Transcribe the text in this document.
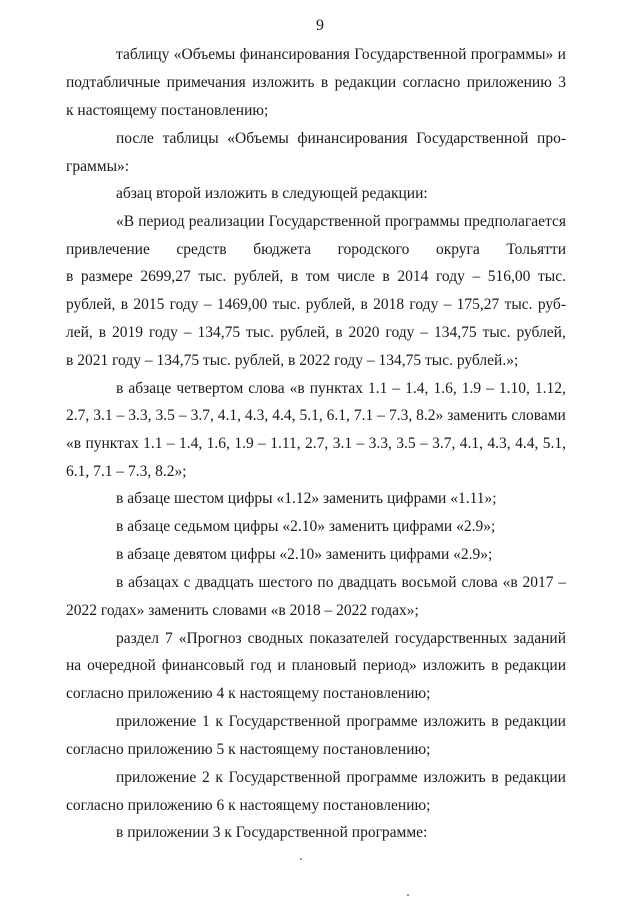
9
таблицу «Объемы финансирования Государственной программы» и
подтабличные примечания изложить в редакции согласно приложению 3
к настоящему постановлению;
после таблицы «Объемы финансирования Государственной про-
граммы»:
абзац второй изложить в следующей редакции:
«В период реализации Государственной программы предполагается
привлечение средств бюджета городского округа Тольятти
в размере 2699,27 тыс. рублей, в том числе в 2014 году – 516,00 тыс.
рублей, в 2015 году – 1469,00 тыс. рублей, в 2018 году – 175,27 тыс. руб-
лей, в 2019 году – 134,75 тыс. рублей, в 2020 году – 134,75 тыс. рублей,
в 2021 году – 134,75 тыс. рублей, в 2022 году – 134,75 тыс. рублей.»;
в абзаце четвертом слова «в пунктах 1.1 – 1.4, 1.6, 1.9 – 1.10, 1.12,
2.7, 3.1 – 3.3, 3.5 – 3.7, 4.1, 4.3, 4.4, 5.1, 6.1, 7.1 – 7.3, 8.2» заменить словами
«в пунктах 1.1 – 1.4, 1.6, 1.9 – 1.11, 2.7, 3.1 – 3.3, 3.5 – 3.7, 4.1, 4.3, 4.4, 5.1,
6.1, 7.1 – 7.3, 8.2»;
в абзаце шестом цифры «1.12» заменить цифрами «1.11»;
в абзаце седьмом цифры «2.10» заменить цифрами «2.9»;
в абзаце девятом цифры «2.10» заменить цифрами «2.9»;
в абзацах с двадцать шестого по двадцать восьмой слова «в 2017 –
2022 годах» заменить словами «в 2018 – 2022 годах»;
раздел 7 «Прогноз сводных показателей государственных заданий
на очередной финансовый год и плановый период» изложить в редакции
согласно приложению 4 к настоящему постановлению;
приложение 1 к Государственной программе изложить в редакции
согласно приложению 5 к настоящему постановлению;
приложение 2 к Государственной программе изложить в редакции
согласно приложению 6 к настоящему постановлению;
в приложении 3 к Государственной программе:
